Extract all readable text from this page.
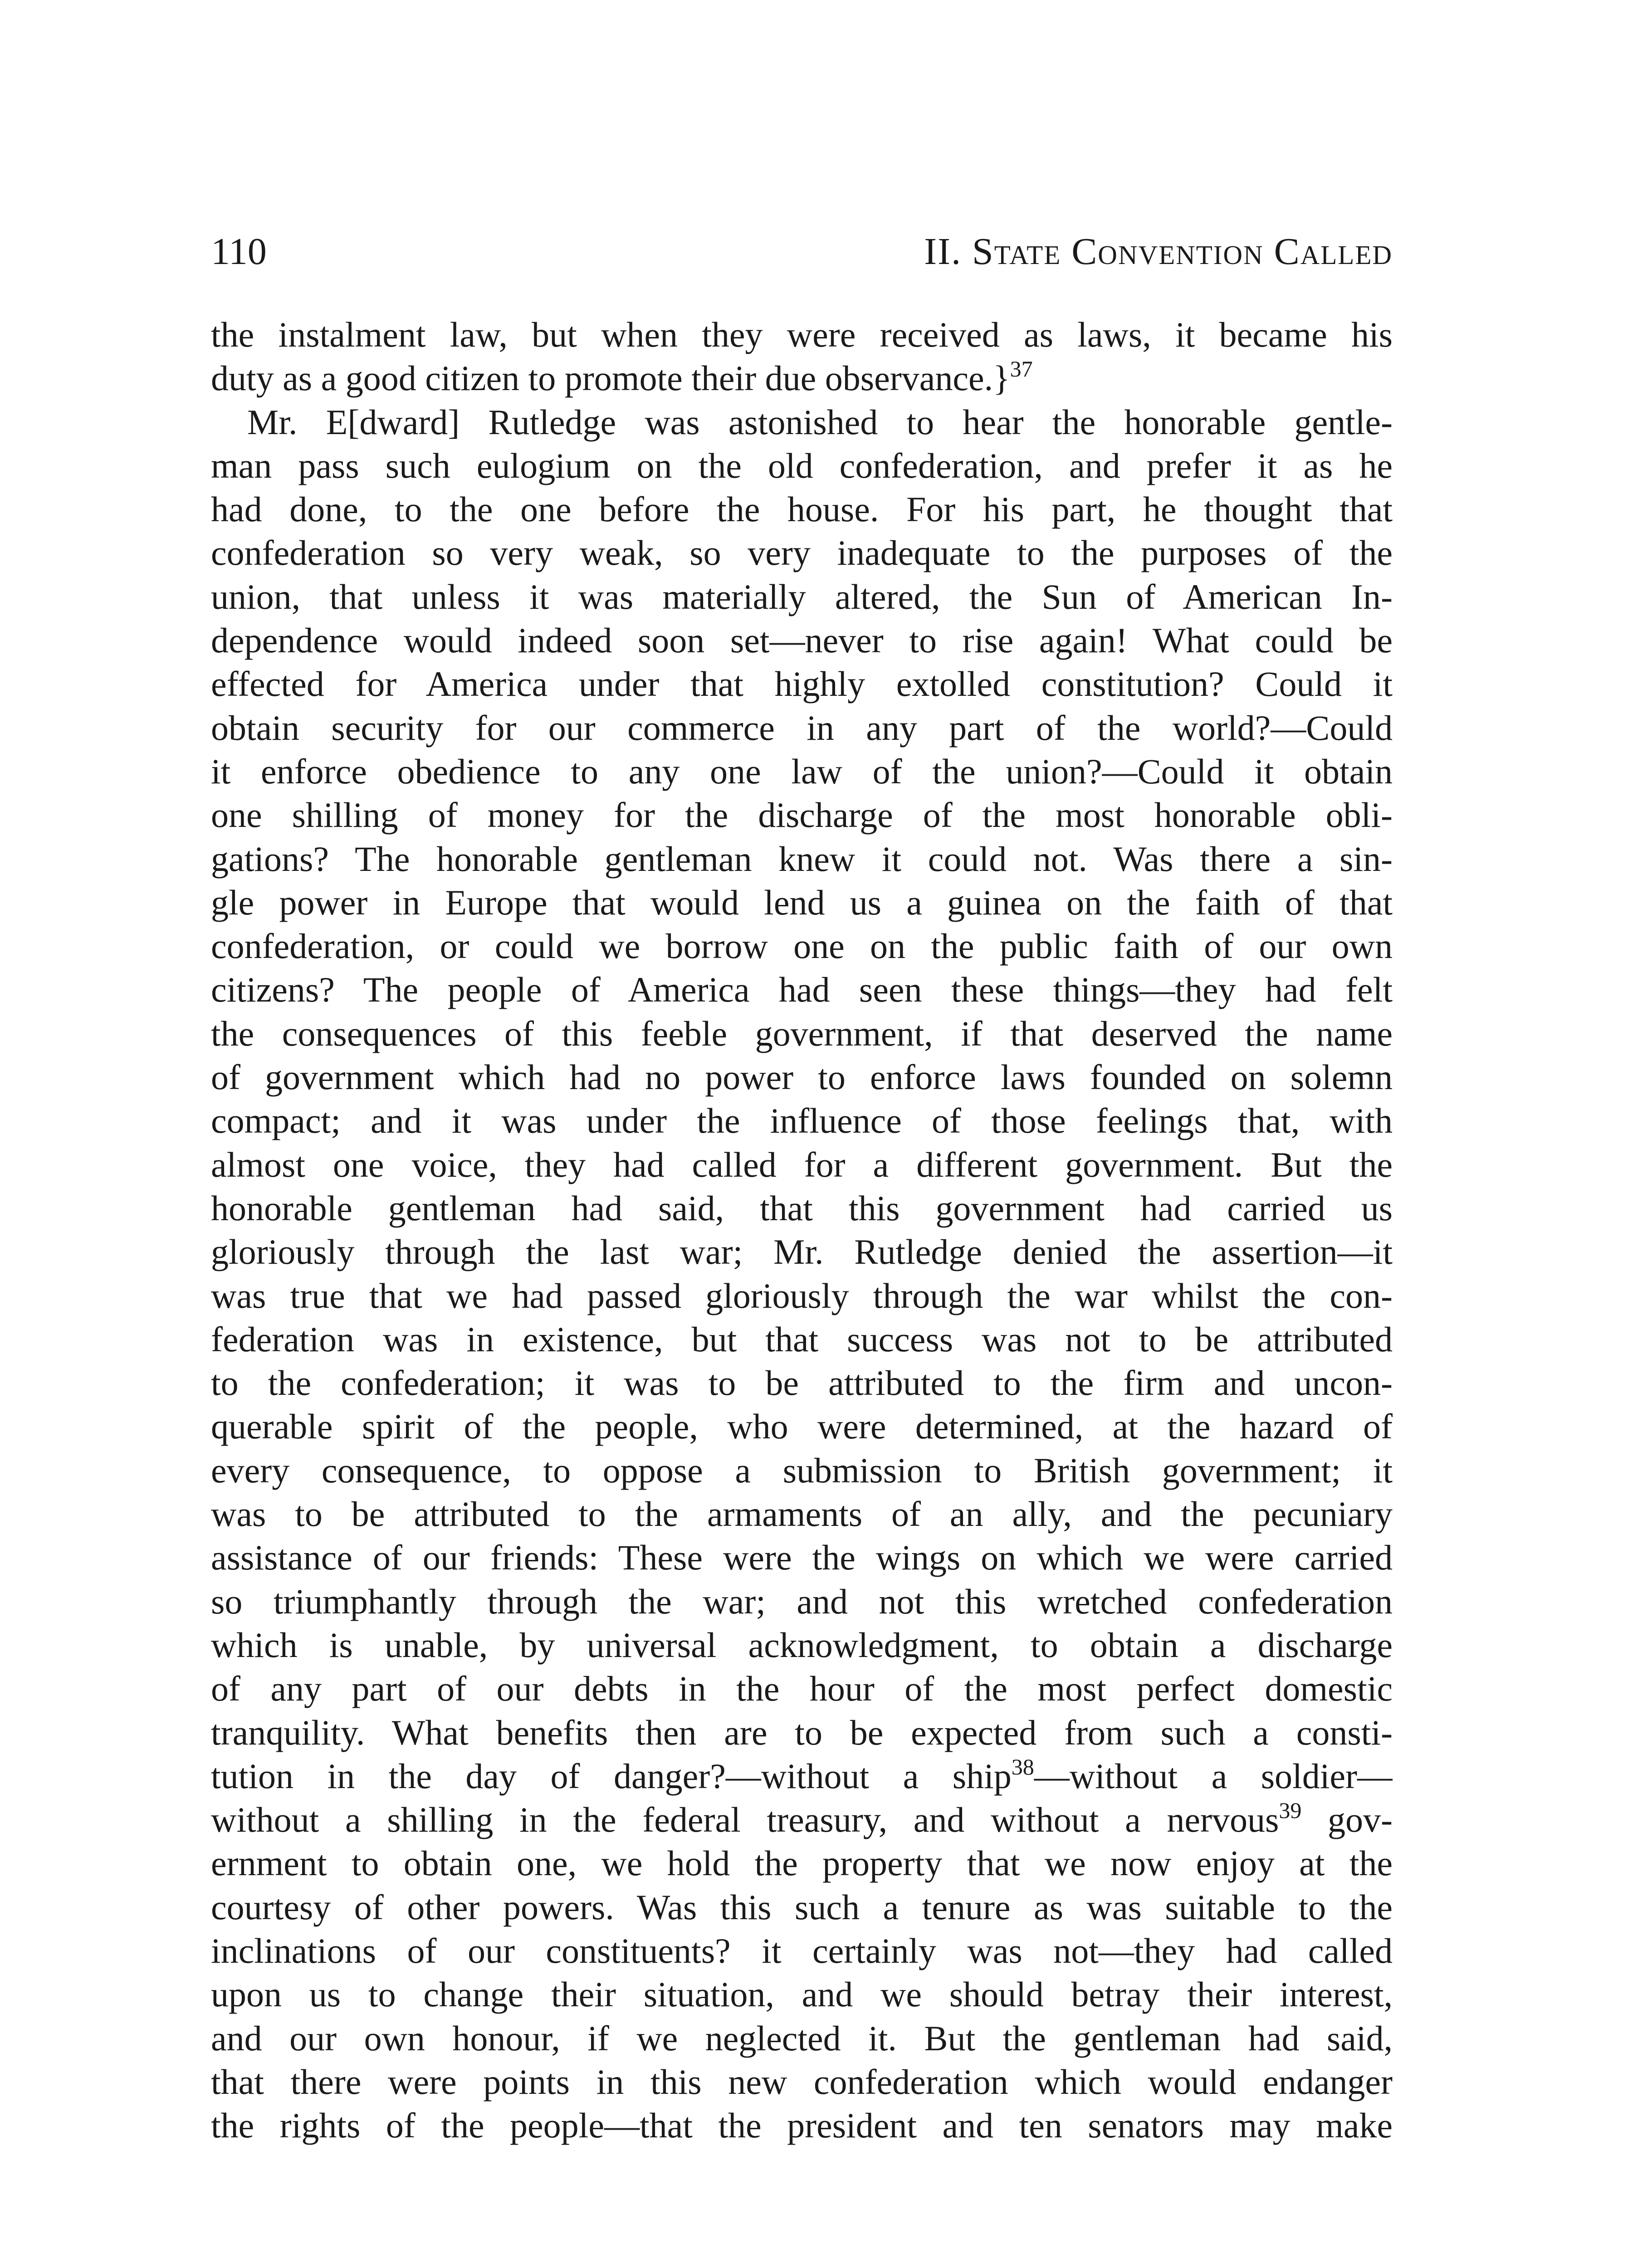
110	II. State Convention Called
the instalment law, but when they were received as laws, it became his
duty as a good citizen to promote their due observance.}$^{37}$
Mr. E[dward] Rutledge was astonished to hear the honorable gentle-
man pass such eulogium on the old confederation, and prefer it as he
had done, to the one before the house. For his part, he thought that
confederation so very weak, so very inadequate to the purposes of the
union, that unless it was materially altered, the Sun of American In-
dependence would indeed soon set—never to rise again! What could be
effected for America under that highly extolled constitution? Could it
obtain security for our commerce in any part of the world?—Could
it enforce obedience to any one law of the union?—Could it obtain
one shilling of money for the discharge of the most honorable obli-
gations? The honorable gentleman knew it could not. Was there a sin-
gle power in Europe that would lend us a guinea on the faith of that
confederation, or could we borrow one on the public faith of our own
citizens? The people of America had seen these things—they had felt
the consequences of this feeble government, if that deserved the name
of government which had no power to enforce laws founded on solemn
compact; and it was under the influence of those feelings that, with
almost one voice, they had called for a different government. But the
honorable gentleman had said, that this government had carried us
gloriously through the last war; Mr. Rutledge denied the assertion—it
was true that we had passed gloriously through the war whilst the con-
federation was in existence, but that success was not to be attributed
to the confederation; it was to be attributed to the firm and uncon-
querable spirit of the people, who were determined, at the hazard of
every consequence, to oppose a submission to British government; it
was to be attributed to the armaments of an ally, and the pecuniary
assistance of our friends: These were the wings on which we were carried
so triumphantly through the war; and not this wretched confederation
which is unable, by universal acknowledgment, to obtain a discharge
of any part of our debts in the hour of the most perfect domestic
tranquility. What benefits then are to be expected from such a consti-
tution in the day of danger?—without a ship$^{38}$—without a soldier—
without a shilling in the federal treasury, and without a nervous$^{39}$ gov-
ernment to obtain one, we hold the property that we now enjoy at the
courtesy of other powers. Was this such a tenure as was suitable to the
inclinations of our constituents? it certainly was not—they had called
upon us to change their situation, and we should betray their interest,
and our own honour, if we neglected it. But the gentleman had said,
that there were points in this new confederation which would endanger
the rights of the people—that the president and ten senators may make
